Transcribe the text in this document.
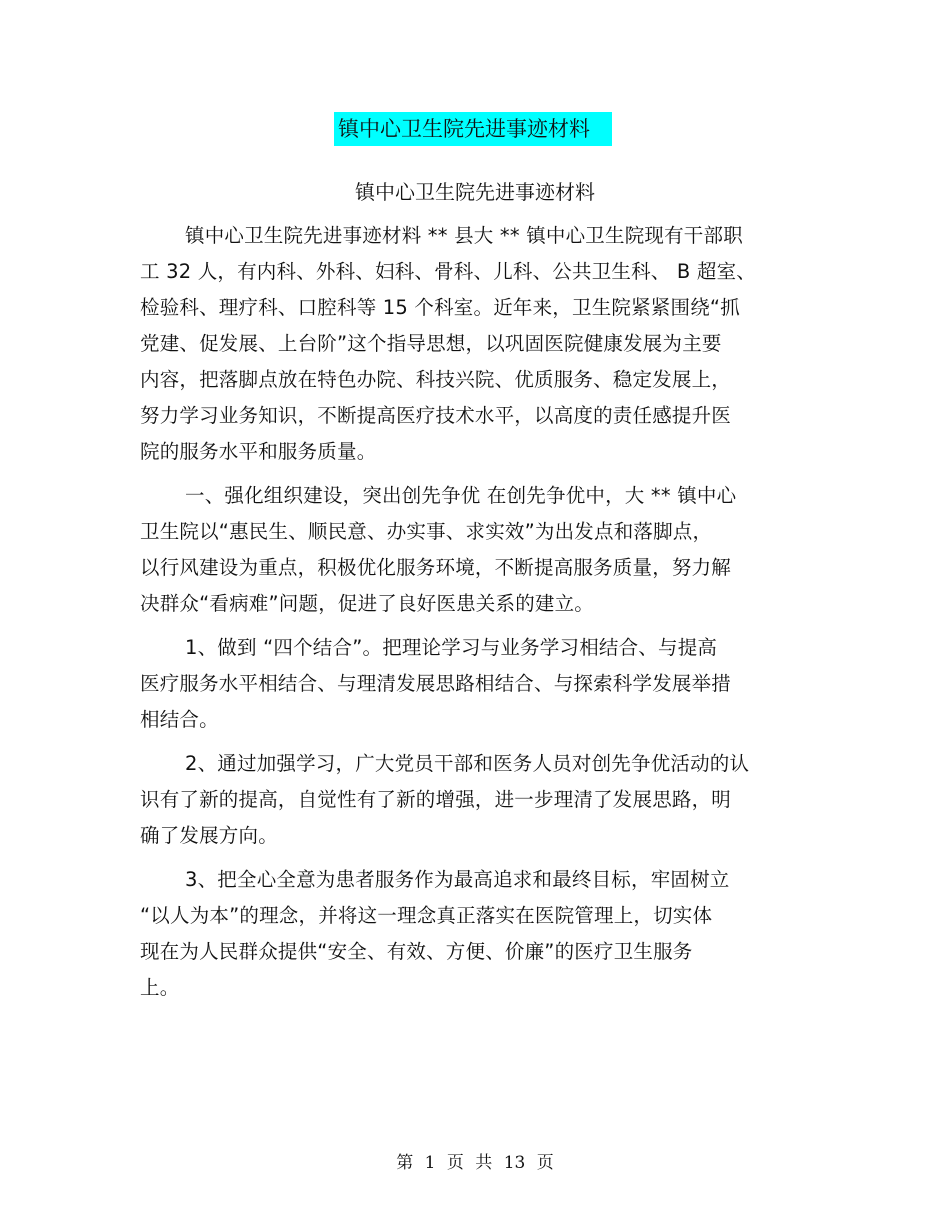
镇中心卫生院先进事迹材料
镇中心卫生院先进事迹材料
镇中心卫生院先进事迹材料 ** 县大 ** 镇中心卫生院现有干部职
工 32 人，有内科、外科、妇科、骨科、儿科、公共卫生科、 B 超室、
检验科、理疗科、口腔科等 15 个科室。近年来，卫生院紧紧围绕“抓
党建、促发展、上台阶”这个指导思想，以巩固医院健康发展为主要
内容，把落脚点放在特色办院、科技兴院、优质服务、稳定发展上，
努力学习业务知识，不断提高医疗技术水平，以高度的责任感提升医
院的服务水平和服务质量。
一、强化组织建设，突出创先争优 在创先争优中，大 ** 镇中心
卫生院以“惠民生、顺民意、办实事、求实效”为出发点和落脚点，
以行风建设为重点，积极优化服务环境，不断提高服务质量，努力解
决群众“看病难”问题，促进了良好医患关系的建立。
1、做到 “四个结合”。把理论学习与业务学习相结合、与提高
医疗服务水平相结合、与理清发展思路相结合、与探索科学发展举措
相结合。
2、通过加强学习，广大党员干部和医务人员对创先争优活动的认
识有了新的提高，自觉性有了新的增强，进一步理清了发展思路，明
确了发展方向。
3、把全心全意为患者服务作为最高追求和最终目标，牢固树立
“以人为本”的理念，并将这一理念真正落实在医院管理上，切实体
现在为人民群众提供“安全、有效、方便、价廉”的医疗卫生服务
上。
第 1 页 共 13 页
